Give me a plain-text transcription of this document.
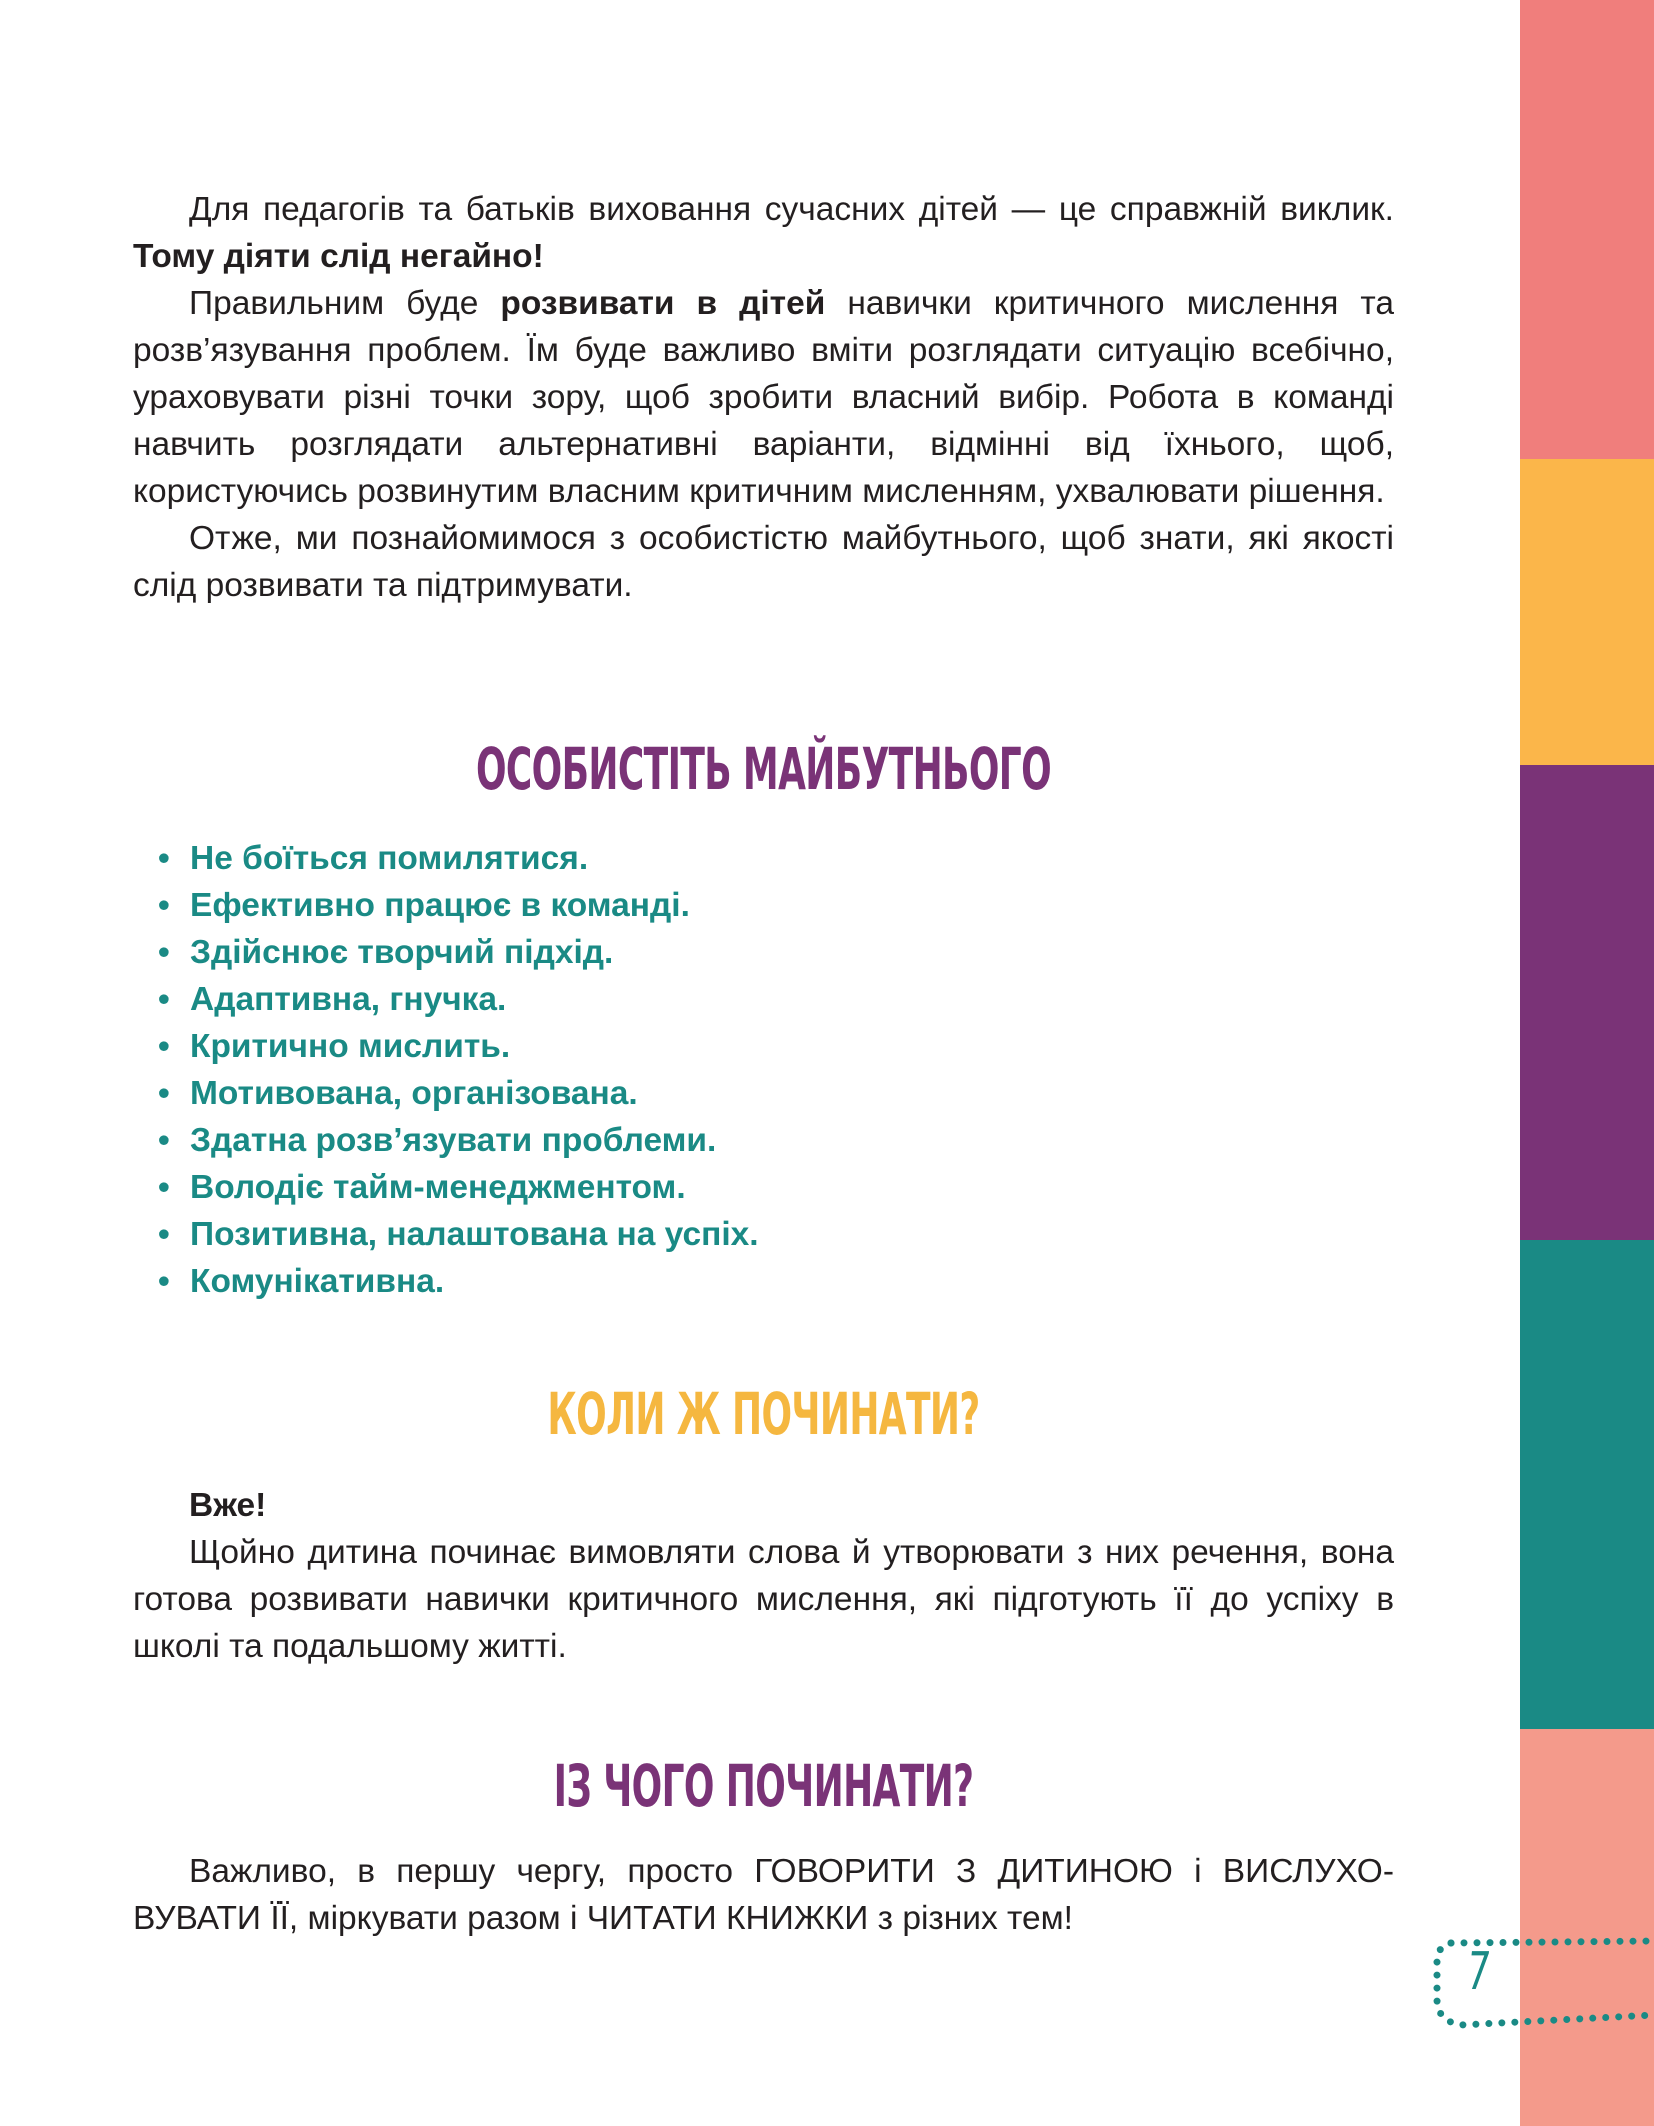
Для педагогів та батьків виховання сучасних дітей — це справжній виклик. Тому діяти слід негайно!

Правильним буде розвивати в дітей навички критичного мислення та розв’язування проблем. Їм буде важливо вміти розглядати ситуацію всебічно, ураховувати різні точки зору, щоб зробити власний вибір. Робота в команді навчить розглядати альтернативні варіанти, відмінні від їхнього, щоб, користуючись розвинутим власним критичним мисленням, ухвалювати рішення.

Отже, ми познайомимося з особистістю майбутнього, щоб знати, які якості слід розвивати та підтримувати.

ОСОБИСТІТЬ МАЙБУТНЬОГО
• Не боїться помилятися.
• Ефективно працює в команді.
• Здійснює творчий підхід.
• Адаптивна, гнучка.
• Критично мислить.
• Мотивована, організована.
• Здатна розв’язувати проблеми.
• Володіє тайм-менеджментом.
• Позитивна, налаштована на успіх.
• Комунікативна.
КОЛИ Ж ПОЧИНАТИ?

Вже!

Щойно дитина починає вимовляти слова й утворювати з них речення, вона готова розвивати навички критичного мислення, які підготують її до успіху в школі та подальшому житті.

ІЗ ЧОГО ПОЧИНАТИ?

Важливо, в першу чергу, просто ГОВОРИТИ З ДИТИНОЮ і ВИСЛУХОВУВАТИ ЇЇ, міркувати разом і ЧИТАТИ КНИЖКИ з різних тем!

7
